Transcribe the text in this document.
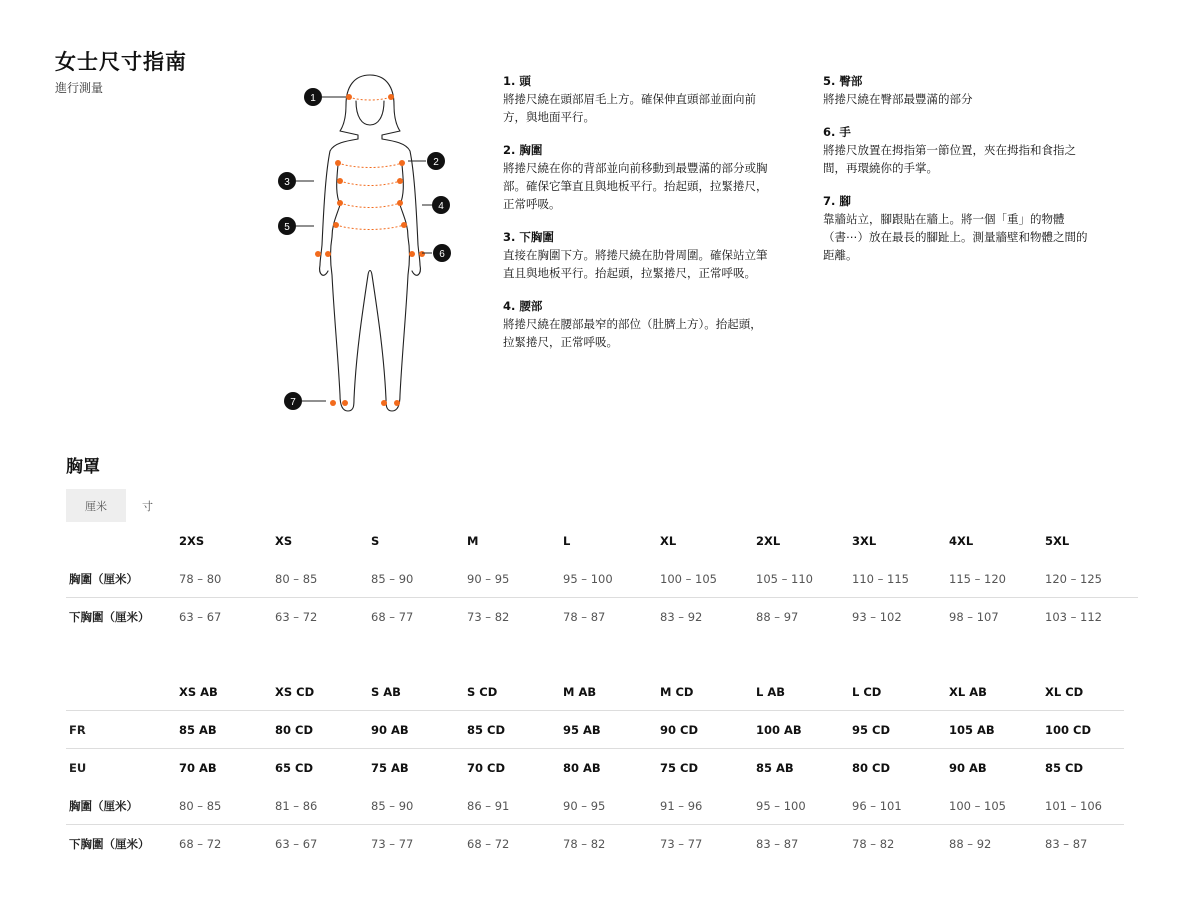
女士尺寸指南
進行測量
1
2
3
4
5
6
7
1. 頭
將捲尺繞在頭部眉毛上方。確保伸直頭部並面向前方，與地面平行。
2. 胸圍
將捲尺繞在你的背部並向前移動到最豐滿的部分或胸部。確保它筆直且與地板平行。抬起頭，拉緊捲尺，正常呼吸。
3. 下胸圍
直接在胸圍下方。將捲尺繞在肋骨周圍。確保站立筆直且與地板平行。抬起頭，拉緊捲尺，正常呼吸。
4. 腰部
將捲尺繞在腰部最窄的部位（肚臍上方）。抬起頭，拉緊捲尺，正常呼吸。
5. 臀部
將捲尺繞在臀部最豐滿的部分
6. 手
將捲尺放置在拇指第一節位置，夾在拇指和食指之間，再環繞你的手掌。
7. 腳
靠牆站立，腳跟貼在牆上。將一個「重」的物體（書⋯）放在最長的腳趾上。測量牆壁和物體之間的距離。
胸罩
厘米	寸
2XS	XS	S	M	L	XL	2XL	3XL	4XL	5XL
胸圍（厘米）	78 – 80	80 – 85	85 – 90	90 – 95	95 – 100	100 – 105	105 – 110	110 – 115	115 – 120	120 – 125
下胸圍（厘米）	63 – 67	63 – 72	68 – 77	73 – 82	78 – 87	83 – 92	88 – 97	93 – 102	98 – 107	103 – 112
XS AB	XS CD	S AB	S CD	M AB	M CD	L AB	L CD	XL AB	XL CD
FR	85 AB	80 CD	90 AB	85 CD	95 AB	90 CD	100 AB	95 CD	105 AB	100 CD
EU	70 AB	65 CD	75 AB	70 CD	80 AB	75 CD	85 AB	80 CD	90 AB	85 CD
胸圍（厘米）	80 – 85	81 – 86	85 – 90	86 – 91	90 – 95	91 – 96	95 – 100	96 – 101	100 – 105	101 – 106
下胸圍（厘米）	68 – 72	63 – 67	73 – 77	68 – 72	78 – 82	73 – 77	83 – 87	78 – 82	88 – 92	83 – 87
